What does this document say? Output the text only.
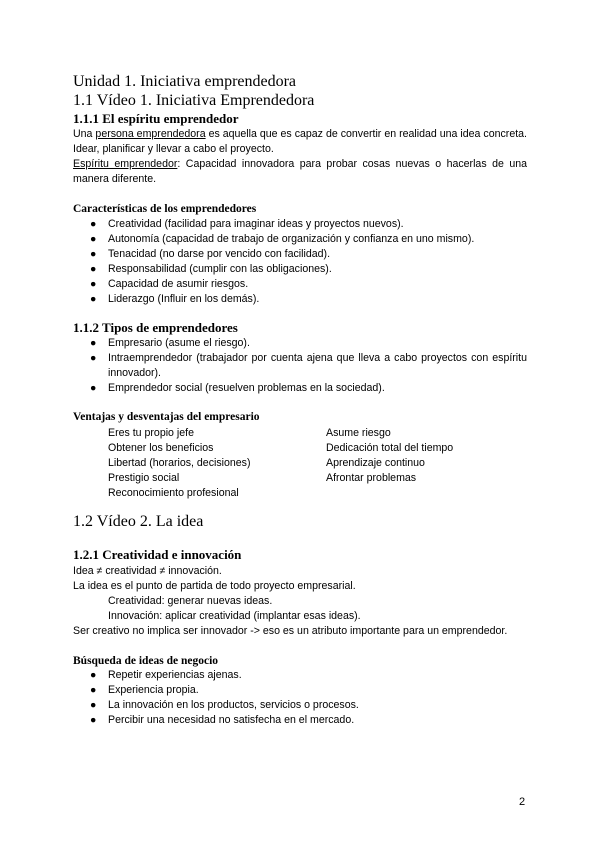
Unidad 1. Iniciativa emprendedora
1.1 Vídeo 1. Iniciativa Emprendedora
1.1.1 El espíritu emprendedor
Una persona emprendedora es aquella que es capaz de convertir en realidad una idea concreta. Idear, planificar y llevar a cabo el proyecto.
Espíritu emprendedor: Capacidad innovadora para probar cosas nuevas o hacerlas de una manera diferente.
Características de los emprendedores
● Creatividad (facilidad para imaginar ideas y proyectos nuevos).
● Autonomía (capacidad de trabajo de organización y confianza en uno mismo).
● Tenacidad (no darse por vencido con facilidad).
● Responsabilidad (cumplir con las obligaciones).
● Capacidad de asumir riesgos.
● Liderazgo (Influir en los demás).
1.1.2 Tipos de emprendedores
● Empresario (asume el riesgo).
● Intraemprendedor (trabajador por cuenta ajena que lleva a cabo proyectos con espíritu innovador).
● Emprendedor social (resuelven problemas en la sociedad).
Ventajas y desventajas del empresario
Eres tu propio jefe
Obtener los beneficios
Libertad (horarios, decisiones)
Prestigio social
Reconocimiento profesional
Asume riesgo
Dedicación total del tiempo
Aprendizaje continuo
Afrontar problemas
1.2 Vídeo 2. La idea
1.2.1 Creatividad e innovación
Idea ≠ creatividad ≠ innovación.
La idea es el punto de partida de todo proyecto empresarial.
Creatividad: generar nuevas ideas.
Innovación: aplicar creatividad (implantar esas ideas).
Ser creativo no implica ser innovador -> eso es un atributo importante para un emprendedor.
Búsqueda de ideas de negocio
● Repetir experiencias ajenas.
● Experiencia propia.
● La innovación en los productos, servicios o procesos.
● Percibir una necesidad no satisfecha en el mercado.
2
